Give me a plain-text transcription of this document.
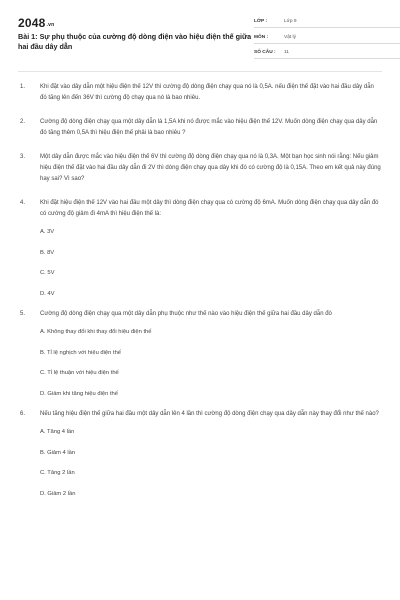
$2048^{.vn}$
Bài 1: Sự phụ thuộc của cường độ dòng điện vào hiệu điện thế giữa hai đầu dây dẫn
LỚP :	Lớp 9
MÔN :	Vật lý
SỐ CÂU :	11
1. Khi đặt vào dây dẫn một hiệu điện thế 12V thì cường độ dòng điện chạy qua nó là 0,5A. nếu điện thế đặt vào hai đầu dây dẫn đó tăng lên đến 36V thì cường độ chạy qua nó là bao nhiêu.
2. Cường độ dòng điện chạy qua một dây dẫn là 1,5A khi nó được mắc vào hiệu điện thế 12V. Muốn dòng điện chạy qua dây dẫn đó tăng thêm 0,5A thì hiệu điện thế phải là bao nhiêu ?
3. Một dây dẫn được mắc vào hiệu điện thế 6V thì cường độ dòng điện chạy qua nó là 0,3A. Một bạn học sinh nói rằng: Nếu giảm hiệu điện thế đặt vào hai đầu dây dẫn đi 2V thì dòng điện chạy qua dây khi đó có cường độ là 0,15A. Theo em kết quả này đúng hay sai? Vì sao?
4. Khi đặt hiệu điện thế 12V vào hai đầu một dây thì dòng điện chạy qua có cường độ 6mA. Muốn dòng điện chạy qua dây dẫn đó có cường độ giảm đi 4mA thì hiệu điện thế là:
A. 3V
B. 8V
C. 5V
D. 4V
5. Cường độ dòng điện chạy qua một dây dẫn phụ thuộc như thế nào vào hiệu điện thế giữa hai đầu dây dẫn đó
A. Không thay đổi khi thay đổi hiệu điện thế
B. Tỉ lệ nghịch với hiệu điện thế
C. Tỉ lệ thuận với hiệu điện thế
D. Giảm khi tăng hiệu điện thế
6. Nếu tăng hiệu điện thế giữa hai đầu một dây dẫn lên 4 lần thì cường độ dòng điện chạy qua dây dẫn này thay đổi như thế nào?
A. Tăng 4 lần
B. Giảm 4 lần
C. Tăng 2 lần
D. Giảm 2 lần
